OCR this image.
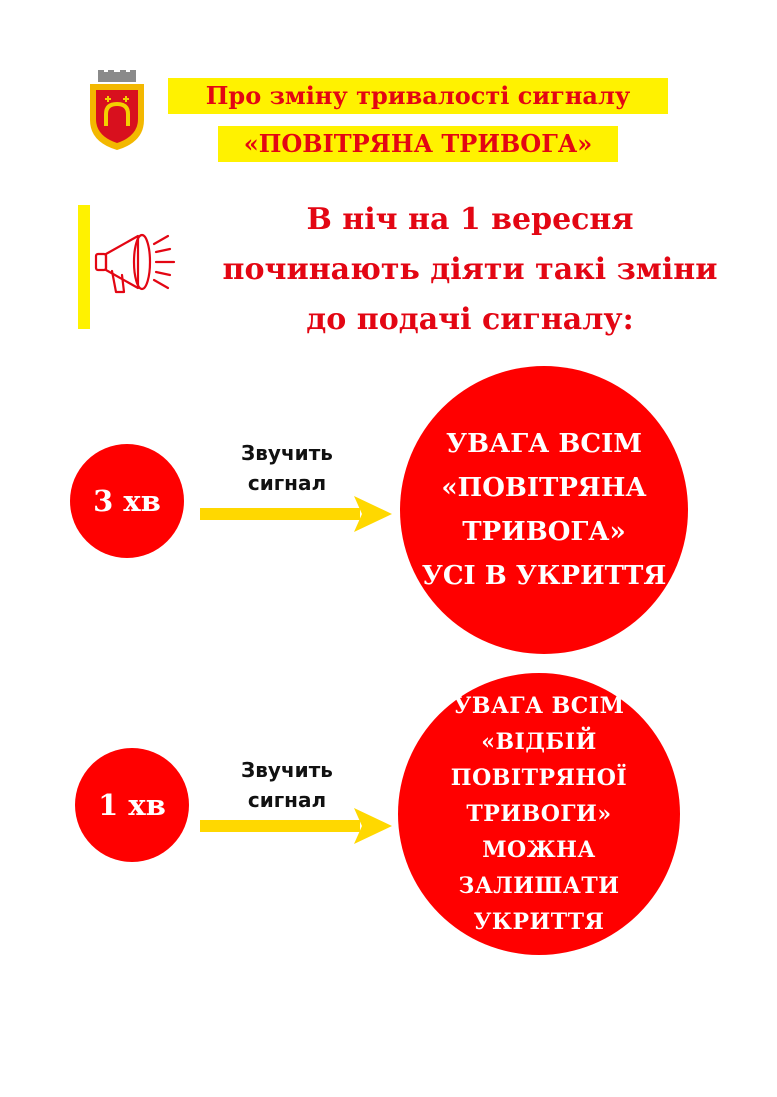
Про зміну тривалості сигналу
«ПОВІТРЯНА ТРИВОГА»
В ніч на 1 вересня
починають діяти такі зміни
до подачі сигналу:
3 хв
Звучить
сигнал
УВАГА ВСІМ
«ПОВІТРЯНА
ТРИВОГА»
УСІ В УКРИТТЯ
1 хв
Звучить
сигнал
УВАГА ВСІМ
«ВІДБІЙ
ПОВІТРЯНОЇ
ТРИВОГИ»
МОЖНА
ЗАЛИШАТИ
УКРИТТЯ
